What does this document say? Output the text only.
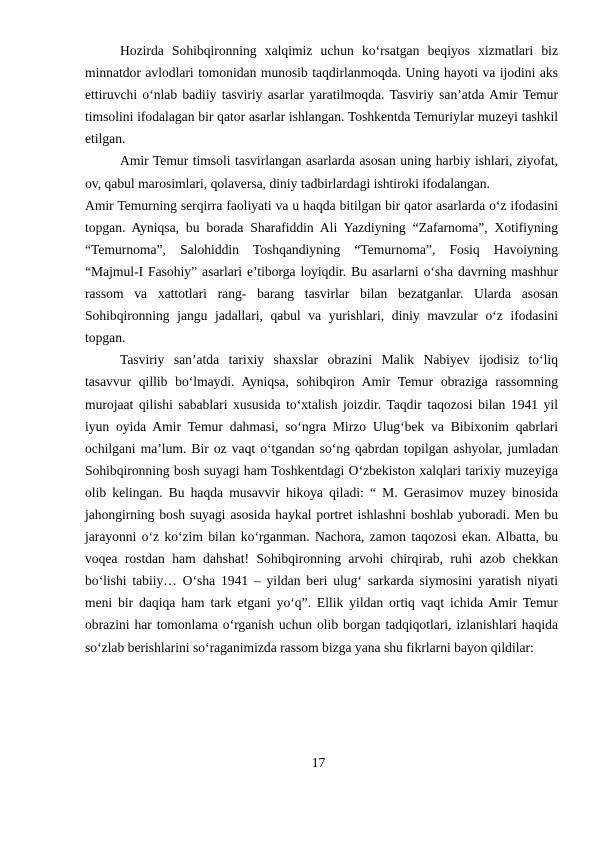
Hozirda Sohibqironning xalqimiz uchun ko‘rsatgan beqiyos xizmatlari biz minnatdor avlodlari tomonidan munosib taqdirlanmoqda. Uning hayoti va ijodini aks ettiruvchi o‘nlab badiiy tasviriy asarlar yaratilmoqda. Tasviriy san’atda Amir Temur timsolini ifodalagan bir qator asarlar ishlangan. Toshkentda Temuriylar muzeyi tashkil etilgan.

Amir Temur timsoli tasvirlangan asarlarda asosan uning harbiy ishlari, ziyofat, ov, qabul marosimlari, qolaversa, diniy tadbirlardagi ishtiroki ifodalangan.

Amir Temurning serqirra faoliyati va u haqda bitilgan bir qator asarlarda o‘z ifodasini topgan. Ayniqsa, bu borada Sharafiddin Ali Yazdiyning “Zafarnoma”, Xotifiyning “Temurnoma”, Salohiddin Toshqandiyning “Temurnoma”, Fosiq Havoiyning “Majmul-I Fasohiy” asarlari e’tiborga loyiqdir. Bu asarlarni o‘sha davrning mashhur rassom va xattotlari rang- barang tasvirlar bilan bezatganlar. Ularda asosan Sohibqironning jangu jadallari, qabul va yurishlari, diniy mavzular o‘z ifodasini topgan.

Tasviriy san’atda tarixiy shaxslar obrazini Malik Nabiyev ijodisiz to‘liq tasavvur qillib bo‘lmaydi. Ayniqsa, sohibqiron Amir Temur obraziga rassomning murojaat qilishi sabablari xususida to‘xtalish joizdir. Taqdir taqozosi bilan 1941 yil iyun oyida Amir Temur dahmasi, so‘ngra Mirzo Ulug‘bek va Bibixonim qabrlari ochilgani ma’lum. Bir oz vaqt o‘tgandan so‘ng qabrdan topilgan ashyolar, jumladan Sohibqironning bosh suyagi ham Toshkentdagi O‘zbekiston xalqlari tarixiy muzeyiga olib kelingan. Bu haqda musavvir hikoya qiladi: “ M. Gerasimov muzey binosida jahongirning bosh suyagi asosida haykal portret ishlashni boshlab yuboradi. Men bu jarayonni o‘z ko‘zim bilan ko‘rganman. Nachora, zamon taqozosi ekan. Albatta, bu voqea rostdan ham dahshat! Sohibqironning arvohi chirqirab, ruhi azob chekkan bo‘lishi tabiiy… O‘sha 1941 – yildan beri ulug‘ sarkarda siymosini yaratish niyati meni bir daqiqa ham tark etgani yo‘q”. Ellik yildan ortiq vaqt ichida Amir Temur obrazini har tomonlama o‘rganish uchun olib borgan tadqiqotlari, izlanishlari haqida so‘zlab berishlarini so‘raganimizda rassom bizga yana shu fikrlarni bayon qildilar:

17
